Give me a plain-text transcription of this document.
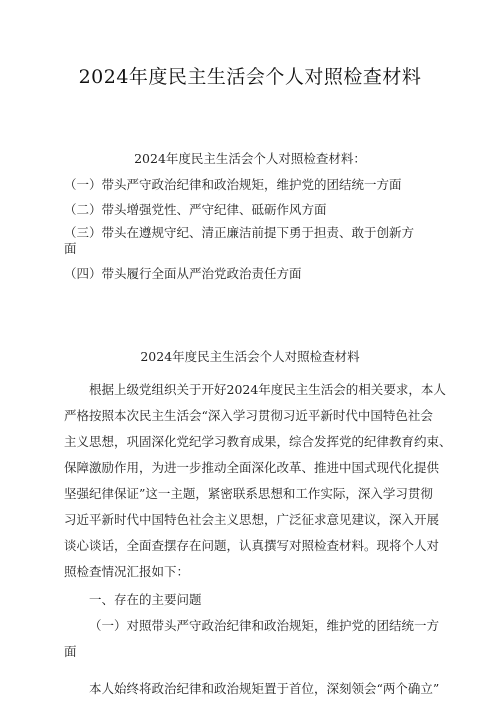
2024年度民主生活会个人对照检查材料
2024年度民主生活会个人对照检查材料：
（一）带头严守政治纪律和政治规矩，维护党的团结统一方面
（二）带头增强党性、严守纪律、砥砺作风方面
（三）带头在遵规守纪、清正廉洁前提下勇于担责、敢于创新方
面
（四）带头履行全面从严治党政治责任方面
2024年度民主生活会个人对照检查材料
根据上级党组织关于开好2024年度民主生活会的相关要求，本人
严格按照本次民主生活会“深入学习贯彻习近平新时代中国特色社会
主义思想，巩固深化党纪学习教育成果，综合发挥党的纪律教育约束、
保障激励作用，为进一步推动全面深化改革、推进中国式现代化提供
坚强纪律保证”这一主题，紧密联系思想和工作实际，深入学习贯彻
习近平新时代中国特色社会主义思想，广泛征求意见建议，深入开展
谈心谈话，全面查摆存在问题，认真撰写对照检查材料。现将个人对
照检查情况汇报如下：
一、存在的主要问题
（一）对照带头严守政治纪律和政治规矩，维护党的团结统一方
面
本人始终将政治纪律和政治规矩置于首位，深刻领会“两个确立”
